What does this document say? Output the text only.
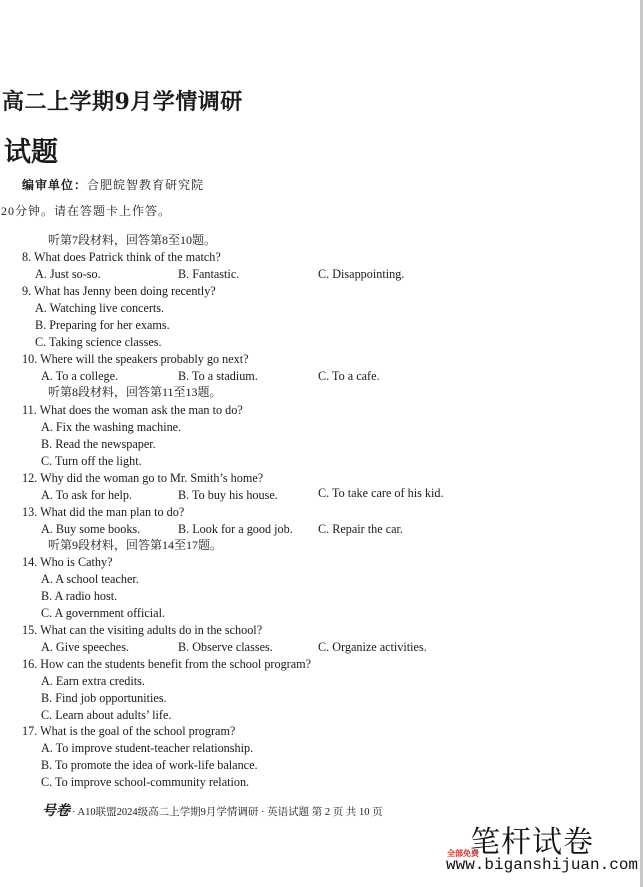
高二上学期9月学情调研
试题
编审单位：合肥皖智教育研究院
20分钟。请在答题卡上作答。
听第7段材料，回答第8至10题。
8. What does Patrick think of the match?
A. Just so-so.	B. Fantastic.	C. Disappointing.
9. What has Jenny been doing recently?
A. Watching live concerts.
B. Preparing for her exams.
C. Taking science classes.
10. Where will the speakers probably go next?
A. To a college.	B. To a stadium.	C. To a cafe.
听第8段材料，回答第11至13题。
11. What does the woman ask the man to do?
A. Fix the washing machine.
B. Read the newspaper.
C. Turn off the light.
12. Why did the woman go to Mr. Smith’s home?
A. To ask for help.	B. To buy his house.	C. To take care of his kid.
13. What did the man plan to do?
A. Buy some books.	B. Look for a good job. C. Repair the car.
听第9段材料，回答第14至17题。
14. Who is Cathy?
A. A school teacher.
B. A radio host.
C. A government official.
15. What can the visiting adults do in the school?
A. Give speeches.	B. Observe classes.	C. Organize activities.
16. How can the students benefit from the school program?
A. Earn extra credits.
B. Find job opportunities.
C. Learn about adults’ life.
17. What is the goal of the school program?
A. To improve student-teacher relationship.
B. To promote the idea of work-life balance.
C. To improve school-community relation.
号卷 · A10联盟2024级高二上学期9月学情调研 · 英语试题 第 2 页 共 10 页
笔杆试卷
全部免费
www.biganshijuan.com
